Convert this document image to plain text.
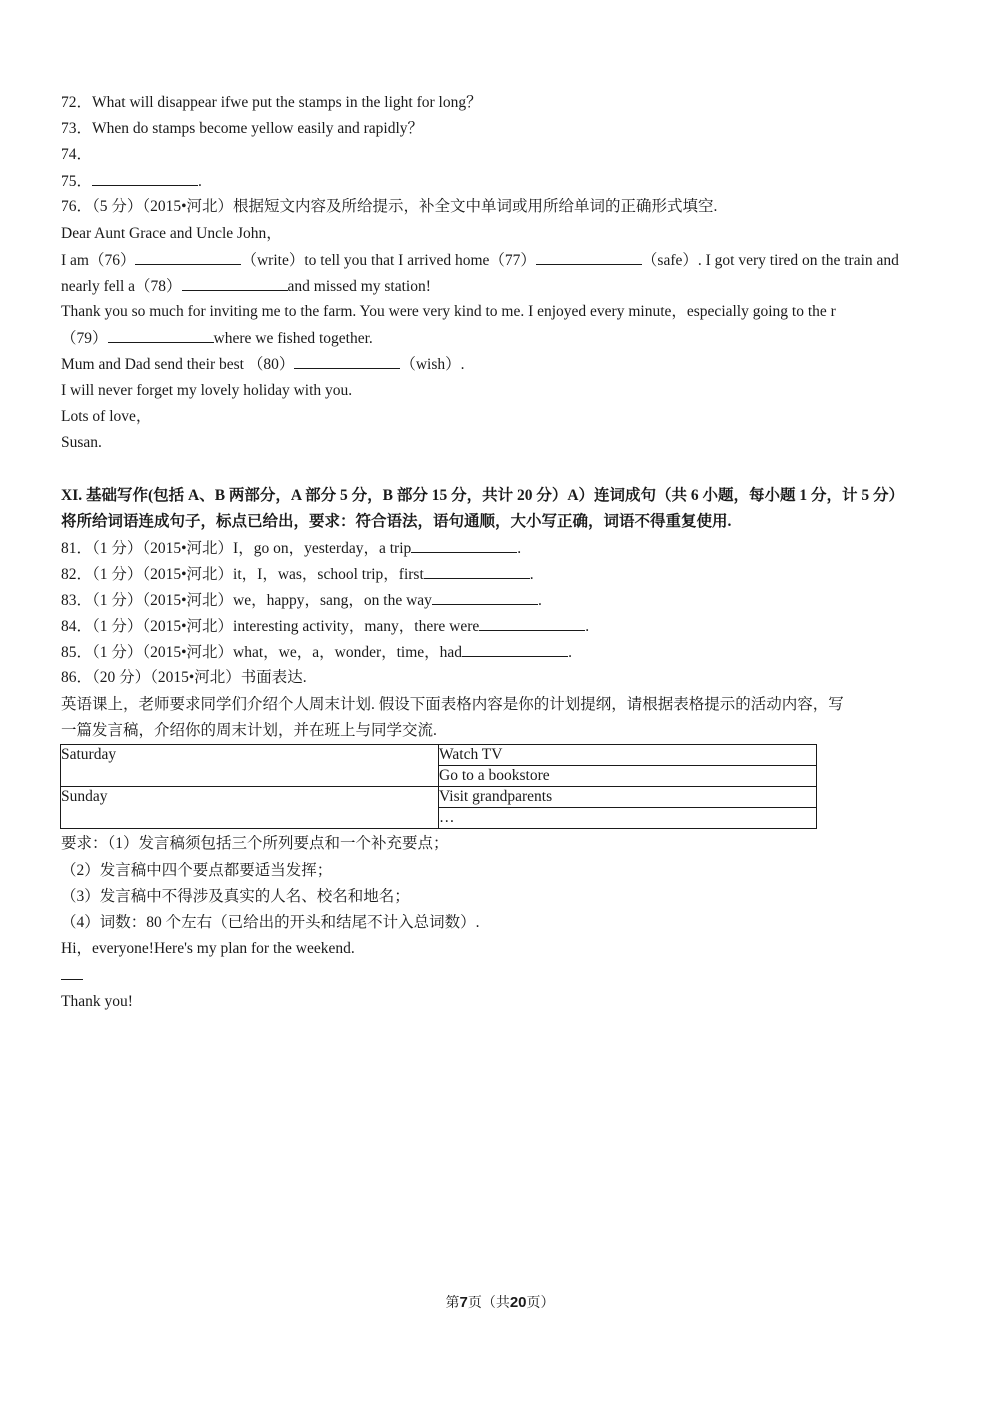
72．What will disappear ifwe put the stamps in the light for long？
73．When do stamps become yellow easily and rapidly？
74．
75．	.
76．（5 分）（2015•河北）根据短文内容及所给提示，补全文中单词或用所给单词的正确形式填空.
Dear Aunt Grace and Uncle John，
I am（76）	（write）to tell you that I arrived home（77）	（safe）. I got very tired on the train and
nearly fell a（78）	and missed my station!
Thank you so much for inviting me to the farm. You were very kind to me. I enjoyed every minute，especially going to the r
（79）	where we fished together.
Mum and Dad send their best （80）	（wish）.
I will never forget my lovely holiday with you.
Lots of love，
Susan.
XI. 基础写作(包括 A、B 两部分，A 部分 5 分，B 部分 15 分，共计 20 分）A）连词成句（共 6 小题，每小题 1 分，计 5 分）
将所给词语连成句子，标点已给出，要求：符合语法，语句通顺，大小写正确，词语不得重复使用.
81．（1 分）（2015•河北）I，go on，yesterday，a trip	.
82．（1 分）（2015•河北）it，I，was，school trip，first	.
83．（1 分）（2015•河北）we，happy，sang，on the way	.
84．（1 分）（2015•河北）interesting activity，many，there were	.
85．（1 分）（2015•河北）what，we，a，wonder，time，had	.
86．（20 分）（2015•河北）书面表达.
英语课上，老师要求同学们介绍个人周末计划. 假设下面表格内容是你的计划提纲，请根据表格提示的活动内容，写
一篇发言稿，介绍你的周末计划，并在班上与同学交流.
Saturday	Watch TV
	Go to a bookstore
Sunday	Visit grandparents
	…
要求：（1）发言稿须包括三个所列要点和一个补充要点；
（2）发言稿中四个要点都要适当发挥；
（3）发言稿中不得涉及真实的人名、校名和地名；
（4）词数：80 个左右（已给出的开头和结尾不计入总词数）.
Hi，everyone!Here's my plan for the weekend.
Thank you!
第7页（共20页）
